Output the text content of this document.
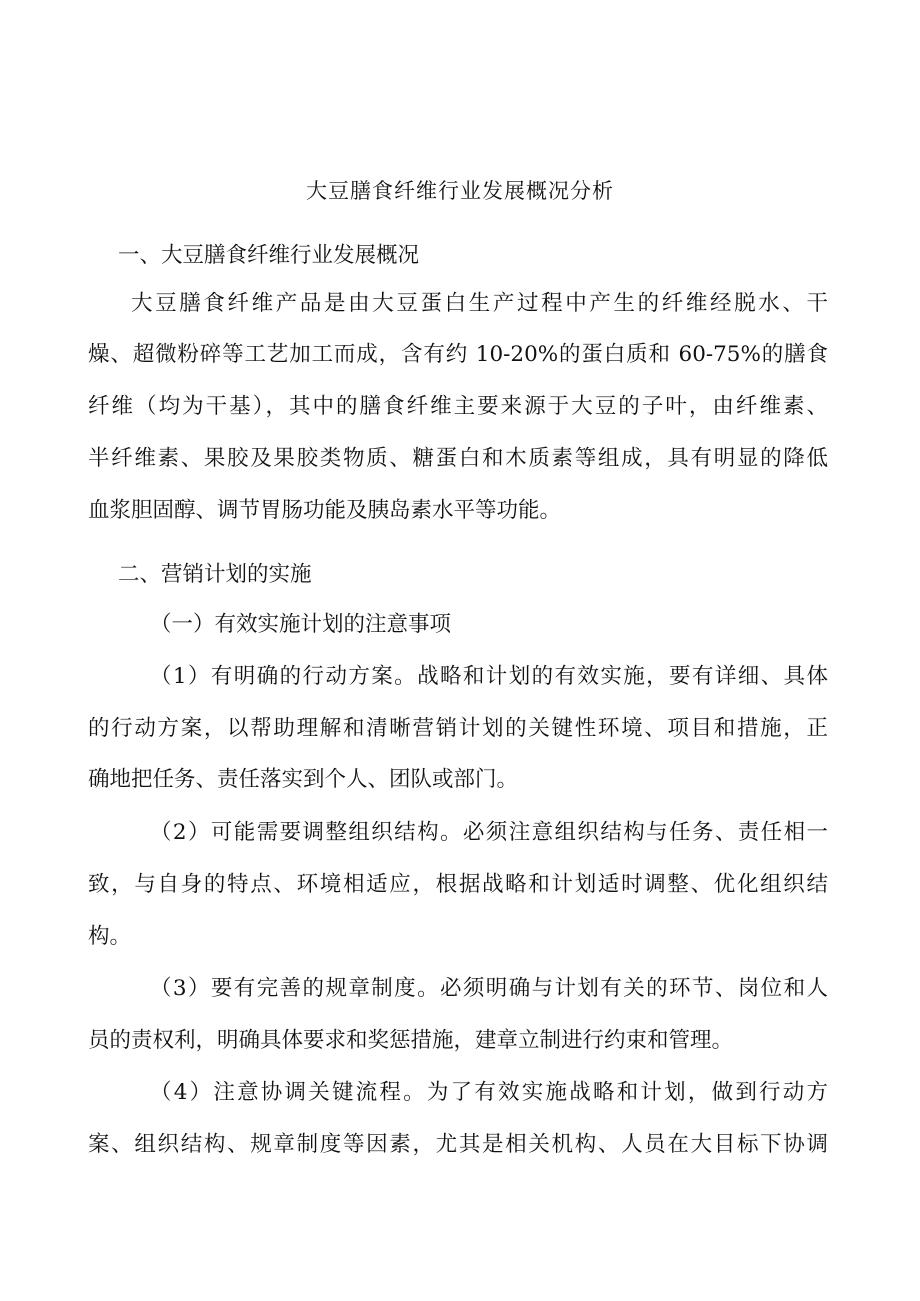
大豆膳食纤维行业发展概况分析

一、大豆膳食纤维行业发展概况

大豆膳食纤维产品是由大豆蛋白生产过程中产生的纤维经脱水、干

燥、超微粉碎等工艺加工而成，含有约 10-20%的蛋白质和 60-75%的膳食

纤维（均为干基），其中的膳食纤维主要来源于大豆的子叶，由纤维素、

半纤维素、果胶及果胶类物质、糖蛋白和木质素等组成，具有明显的降低

血浆胆固醇、调节胃肠功能及胰岛素水平等功能。

二、营销计划的实施

（一）有效实施计划的注意事项

（1）有明确的行动方案。战略和计划的有效实施，要有详细、具体

的行动方案，以帮助理解和清晰营销计划的关键性环境、项目和措施，正

确地把任务、责任落实到个人、团队或部门。

（2）可能需要调整组织结构。必须注意组织结构与任务、责任相一

致，与自身的特点、环境相适应，根据战略和计划适时调整、优化组织结

构。

（3）要有完善的规章制度。必须明确与计划有关的环节、岗位和人

员的责权利，明确具体要求和奖惩措施，建章立制进行约束和管理。

（4）注意协调关键流程。为了有效实施战略和计划，做到行动方

案、组织结构、规章制度等因素，尤其是相关机构、人员在大目标下协调
